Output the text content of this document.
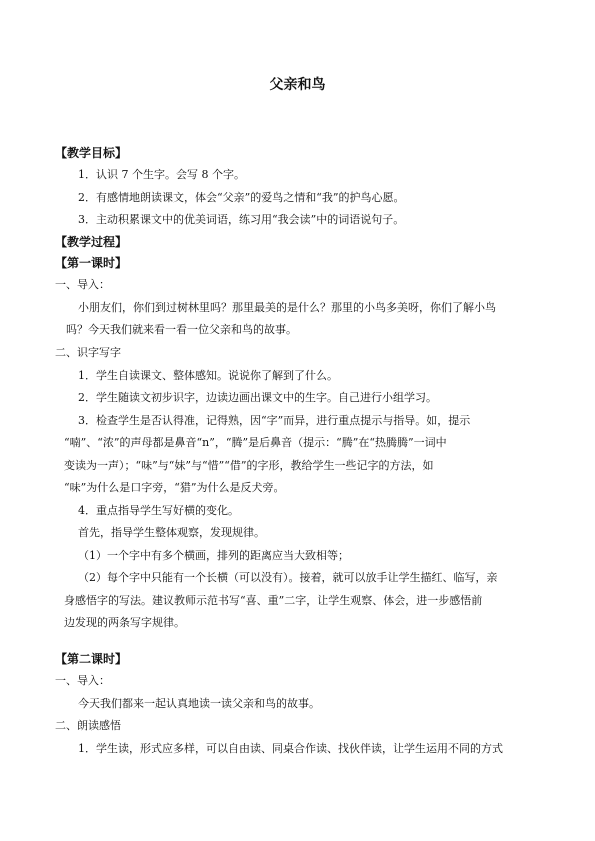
父亲和鸟
【教学目标】
1．认识 7 个生字。会写 8 个字。
2．有感情地朗读课文，体会“父亲”的爱鸟之情和“我”的护鸟心愿。
3．主动积累课文中的优美词语，练习用“我会读”中的词语说句子。
【教学过程】
【第一课时】
一、导入：
小朋友们，你们到过树林里吗？那里最美的是什么？那里的小鸟多美呀，你们了解小鸟
吗？今天我们就来看一看一位父亲和鸟的故事。
二、识字写字
1．学生自读课文、整体感知。说说你了解到了什么。
2．学生随读文初步识字，边读边画出课文中的生字。自己进行小组学习。
3．检查学生是否认得准，记得熟，因“字”而异，进行重点提示与指导。如，提示
“喃”、“浓”的声母都是鼻音“n”，“腾”是后鼻音（提示：“腾”在“热腾腾”一词中
变读为一声）；“味”与“妹”与“惜”“借”的字形，教给学生一些记字的方法，如
“味”为什么是口字旁，“猎”为什么是反犬旁。
4．重点指导学生写好横的变化。
首先，指导学生整体观察，发现规律。
（1）一个字中有多个横画，排列的距离应当大致相等；
（2）每个字中只能有一个长横（可以没有）。接着，就可以放手让学生描红、临写，亲
身感悟字的写法。建议教师示范书写“喜、重”二字，让学生观察、体会，进一步感悟前
边发现的两条写字规律。
【第二课时】
一、导入：
今天我们都来一起认真地读一读父亲和鸟的故事。
二、朗读感悟
1．学生读，形式应多样，可以自由读、同桌合作读、找伙伴读，让学生运用不同的方式
